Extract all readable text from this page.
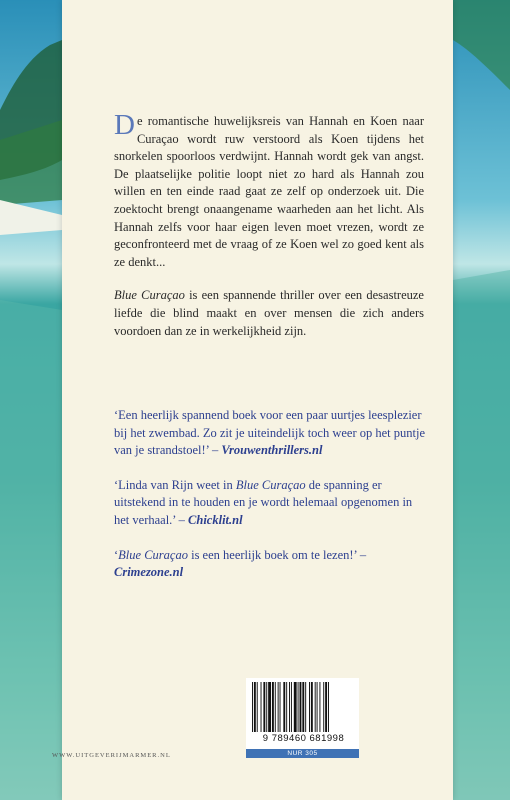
De romantische huwelijksreis van Hannah en Koen naar Curaçao wordt ruw verstoord als Koen tijdens het snorkelen spoorloos verdwijnt. Hannah wordt gek van angst. De plaatselijke politie loopt niet zo hard als Hannah zou willen en ten einde raad gaat ze zelf op onderzoek uit. Die zoektocht brengt onaangename waarheden aan het licht. Als Hannah zelfs voor haar eigen leven moet vrezen, wordt ze geconfronteerd met de vraag of ze Koen wel zo goed kent als ze denkt...

Blue Curaçao is een spannende thriller over een desastreuze liefde die blind maakt en over mensen die zich anders voordoen dan ze in werkelijkheid zijn.

‘Een heerlijk spannend boek voor een paar uurtjes leesplezier bij het zwembad. Zo zit je uiteindelijk toch weer op het puntje van je strandstoel!’ – Vrouwenthrillers.nl
‘Linda van Rijn weet in Blue Curaçao de spanning er uitstekend in te houden en je wordt helemaal opgenomen in het verhaal.’ – Chicklit.nl
‘Blue Curaçao is een heerlijk boek om te lezen!’ – Crimezone.nl
WWW.UITGEVERIJMARMER.NL
9 789460 681998
NUR 305
